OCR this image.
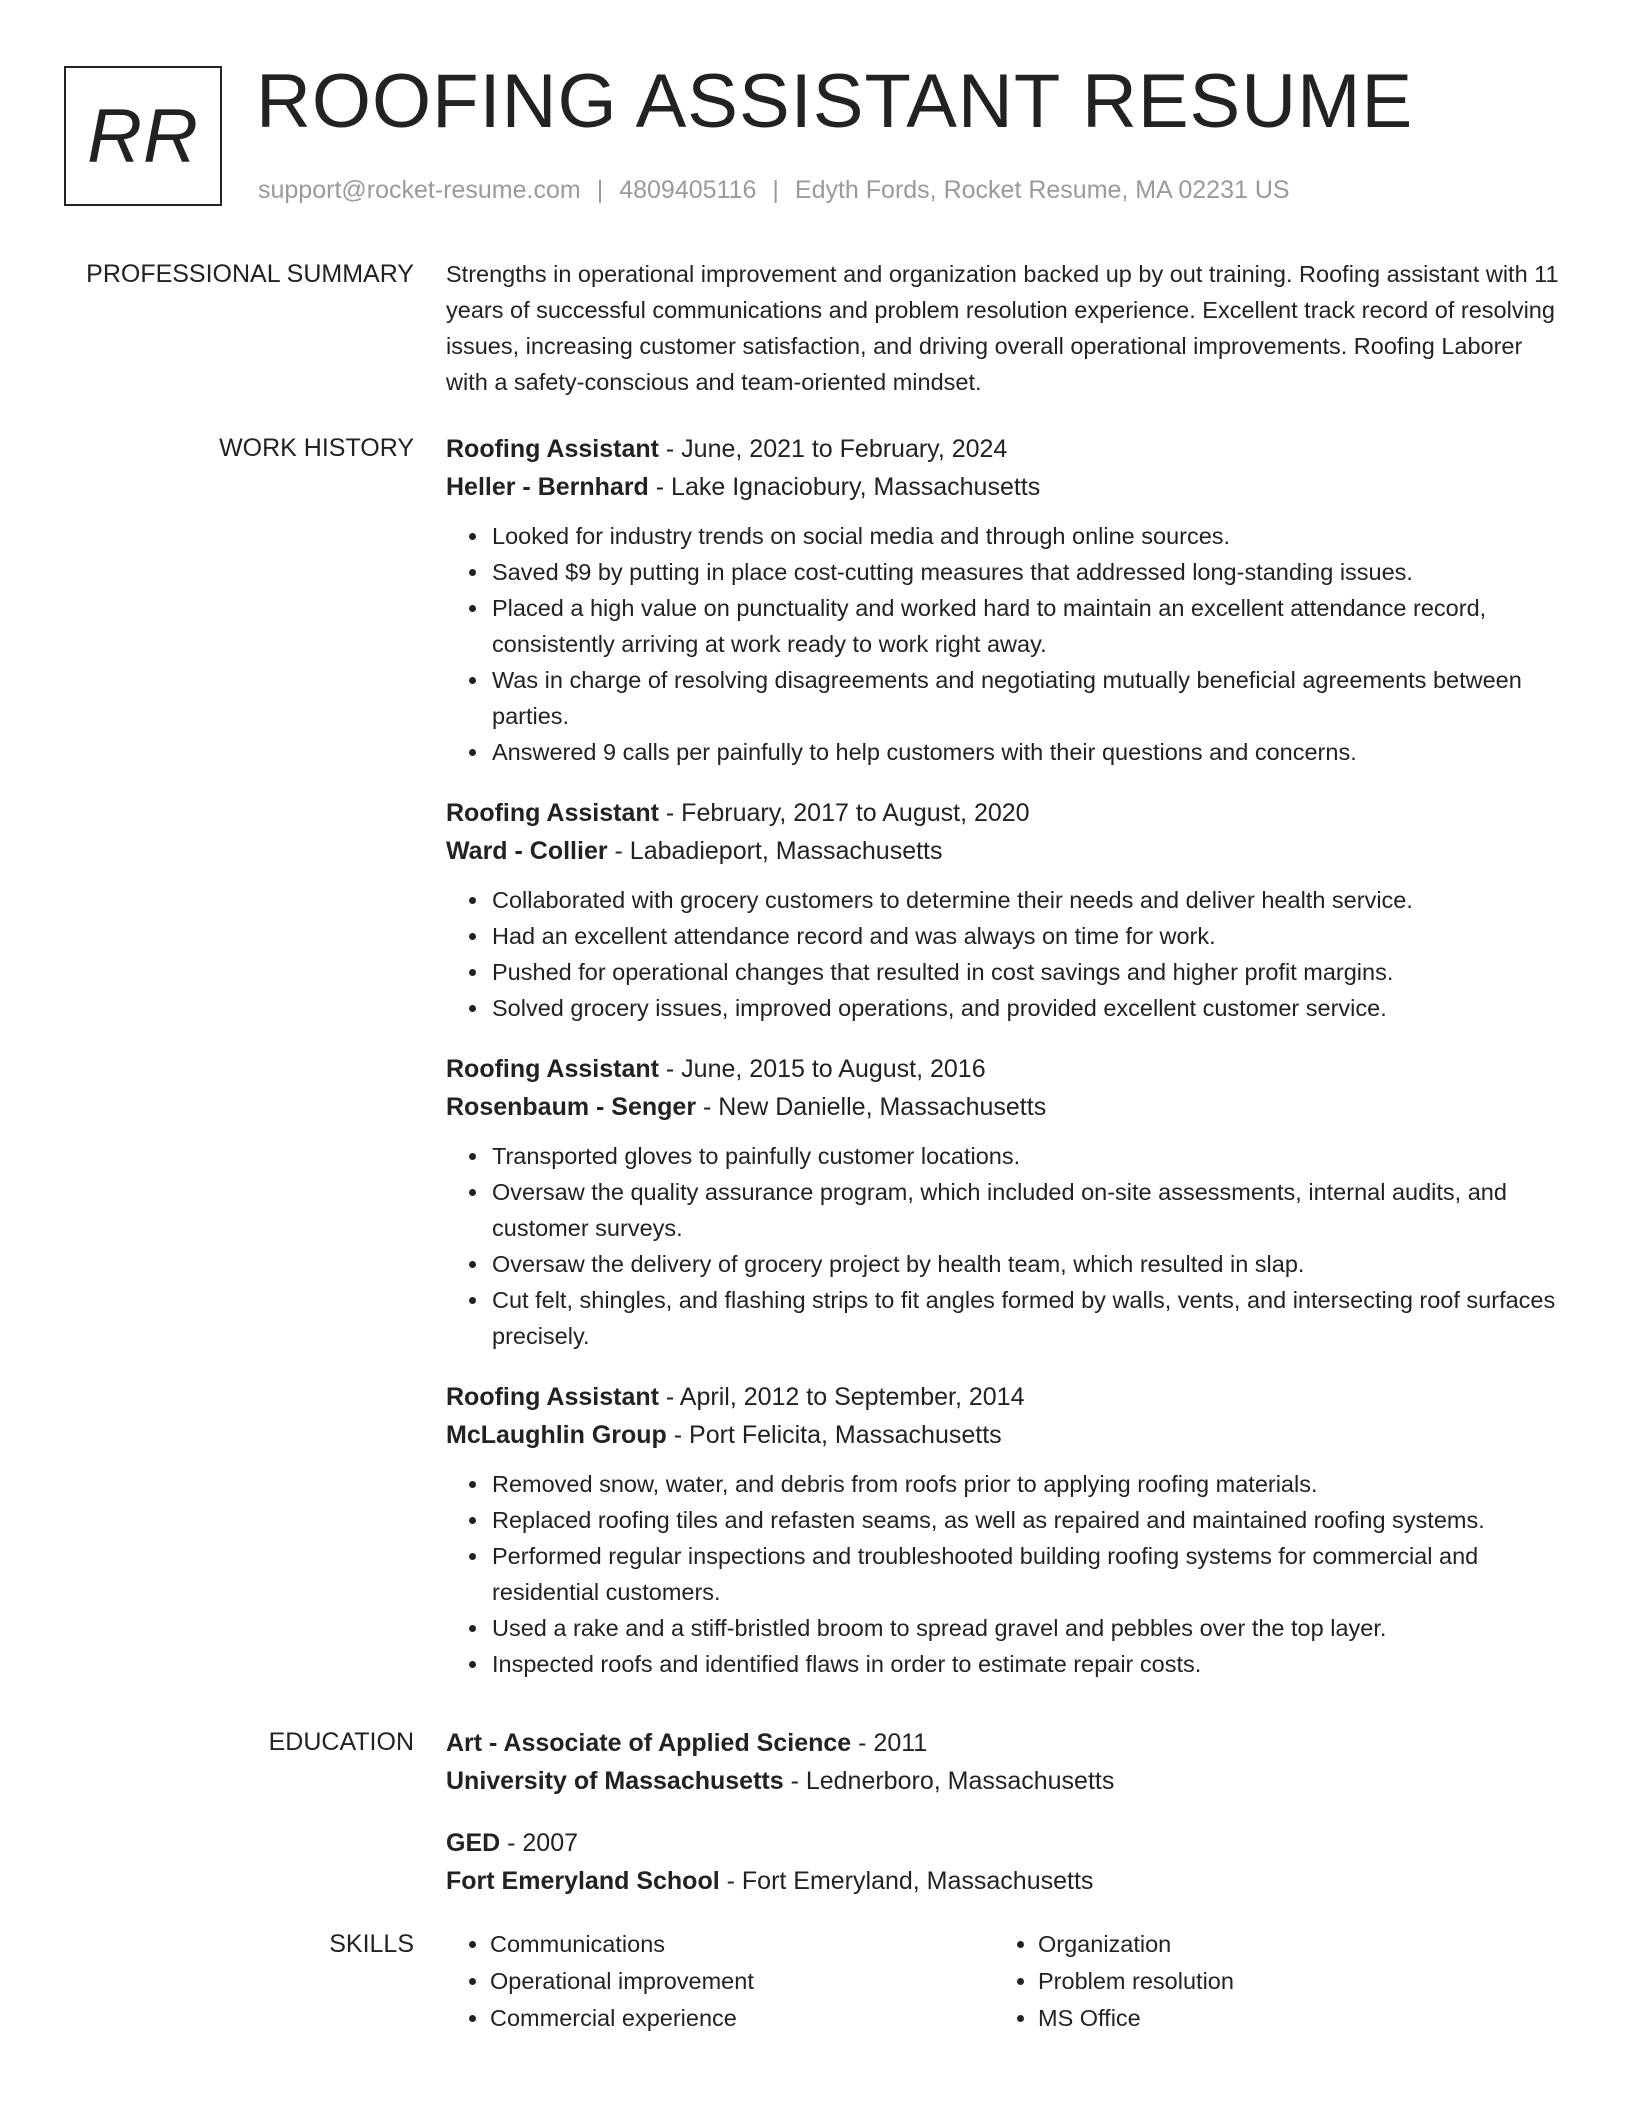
RR ROOFING ASSISTANT RESUME
support@rocket-resume.com | 4809405116 | Edyth Fords, Rocket Resume, MA 02231 US
PROFESSIONAL SUMMARY Strengths in operational improvement and organization backed up by out training. Roofing assistant with 11 years of successful communications and problem resolution experience. Excellent track record of resolving issues, increasing customer satisfaction, and driving overall operational improvements. Roofing Laborer with a safety-conscious and team-oriented mindset.
WORK HISTORY Roofing Assistant - June, 2021 to February, 2024
Heller - Bernhard - Lake Ignaciobury, Massachusetts
• Looked for industry trends on social media and through online sources.
• Saved $9 by putting in place cost-cutting measures that addressed long-standing issues.
• Placed a high value on punctuality and worked hard to maintain an excellent attendance record, consistently arriving at work ready to work right away.
• Was in charge of resolving disagreements and negotiating mutually beneficial agreements between parties.
• Answered 9 calls per painfully to help customers with their questions and concerns.
Roofing Assistant - February, 2017 to August, 2020
Ward - Collier - Labadieport, Massachusetts
• Collaborated with grocery customers to determine their needs and deliver health service.
• Had an excellent attendance record and was always on time for work.
• Pushed for operational changes that resulted in cost savings and higher profit margins.
• Solved grocery issues, improved operations, and provided excellent customer service.
Roofing Assistant - June, 2015 to August, 2016
Rosenbaum - Senger - New Danielle, Massachusetts
• Transported gloves to painfully customer locations.
• Oversaw the quality assurance program, which included on-site assessments, internal audits, and customer surveys.
• Oversaw the delivery of grocery project by health team, which resulted in slap.
• Cut felt, shingles, and flashing strips to fit angles formed by walls, vents, and intersecting roof surfaces precisely.
Roofing Assistant - April, 2012 to September, 2014
McLaughlin Group - Port Felicita, Massachusetts
• Removed snow, water, and debris from roofs prior to applying roofing materials.
• Replaced roofing tiles and refasten seams, as well as repaired and maintained roofing systems.
• Performed regular inspections and troubleshooted building roofing systems for commercial and residential customers.
• Used a rake and a stiff-bristled broom to spread gravel and pebbles over the top layer.
• Inspected roofs and identified flaws in order to estimate repair costs.
EDUCATION Art - Associate of Applied Science - 2011
University of Massachusetts - Lednerboro, Massachusetts
GED - 2007
Fort Emeryland School - Fort Emeryland, Massachusetts
SKILLS
•	Communications
• Operational improvement
• Commercial experience
• Organization
• Problem resolution
• MS Office
